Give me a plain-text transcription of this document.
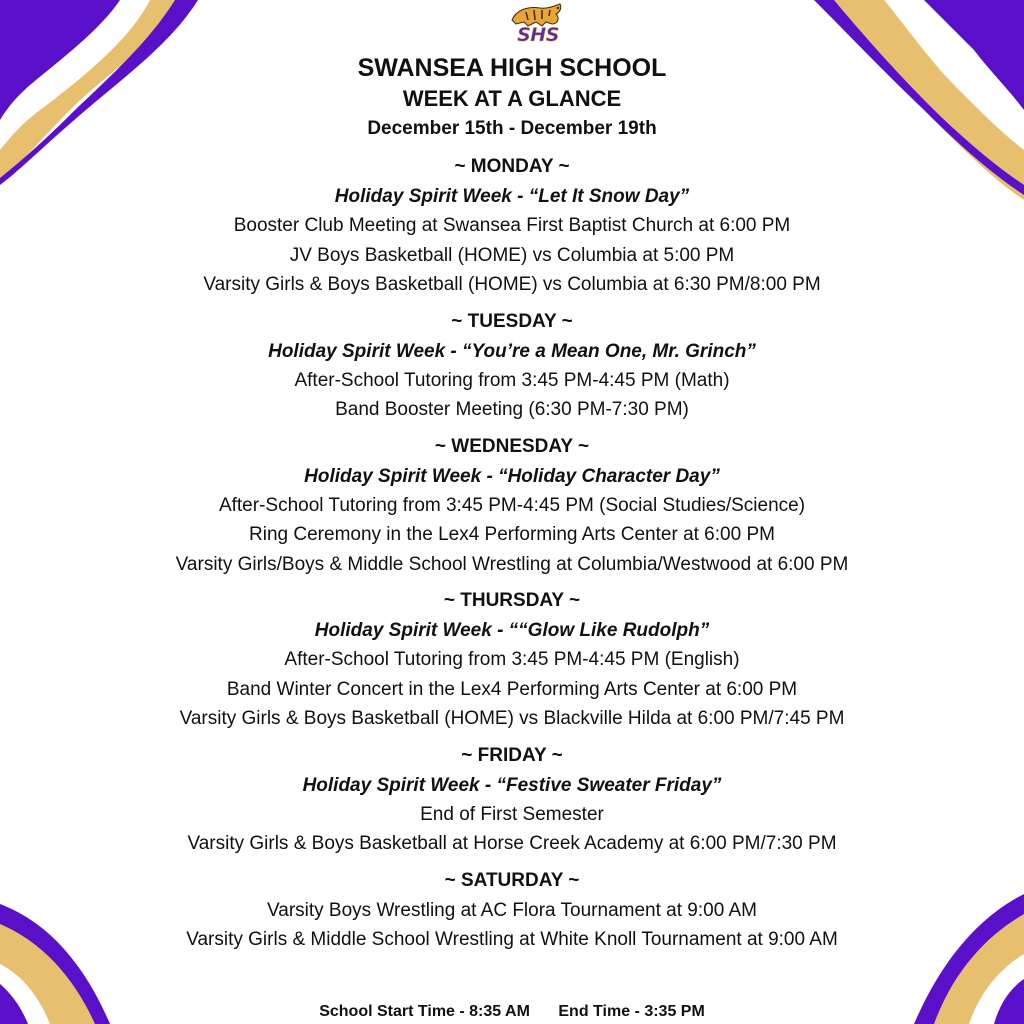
SHS
SWANSEA HIGH SCHOOL
WEEK AT A GLANCE
December 15th - December 19th
~ MONDAY ~
Holiday Spirit Week - “Let It Snow Day”
Booster Club Meeting at Swansea First Baptist Church at 6:00 PM
JV Boys Basketball (HOME) vs Columbia at 5:00 PM
Varsity Girls & Boys Basketball (HOME) vs Columbia at 6:30 PM/8:00 PM
~ TUESDAY ~
Holiday Spirit Week - “You’re a Mean One, Mr. Grinch”
After-School Tutoring from 3:45 PM-4:45 PM (Math)
Band Booster Meeting (6:30 PM-7:30 PM)
~ WEDNESDAY ~
Holiday Spirit Week - “Holiday Character Day”
After-School Tutoring from 3:45 PM-4:45 PM (Social Studies/Science)
Ring Ceremony in the Lex4 Performing Arts Center at 6:00 PM
Varsity Girls/Boys & Middle School Wrestling at Columbia/Westwood at 6:00 PM
~ THURSDAY ~
Holiday Spirit Week - ““Glow Like Rudolph”
After-School Tutoring from 3:45 PM-4:45 PM (English)
Band Winter Concert in the Lex4 Performing Arts Center at 6:00 PM
Varsity Girls & Boys Basketball (HOME) vs Blackville Hilda at 6:00 PM/7:45 PM
~ FRIDAY ~
Holiday Spirit Week - “Festive Sweater Friday”
End of First Semester
Varsity Girls & Boys Basketball at Horse Creek Academy at 6:00 PM/7:30 PM
~ SATURDAY ~
Varsity Boys Wrestling at AC Flora Tournament at 9:00 AM
Varsity Girls & Middle School Wrestling at White Knoll Tournament at 9:00 AM
School Start Time - 8:35 AM End Time - 3:35 PM
